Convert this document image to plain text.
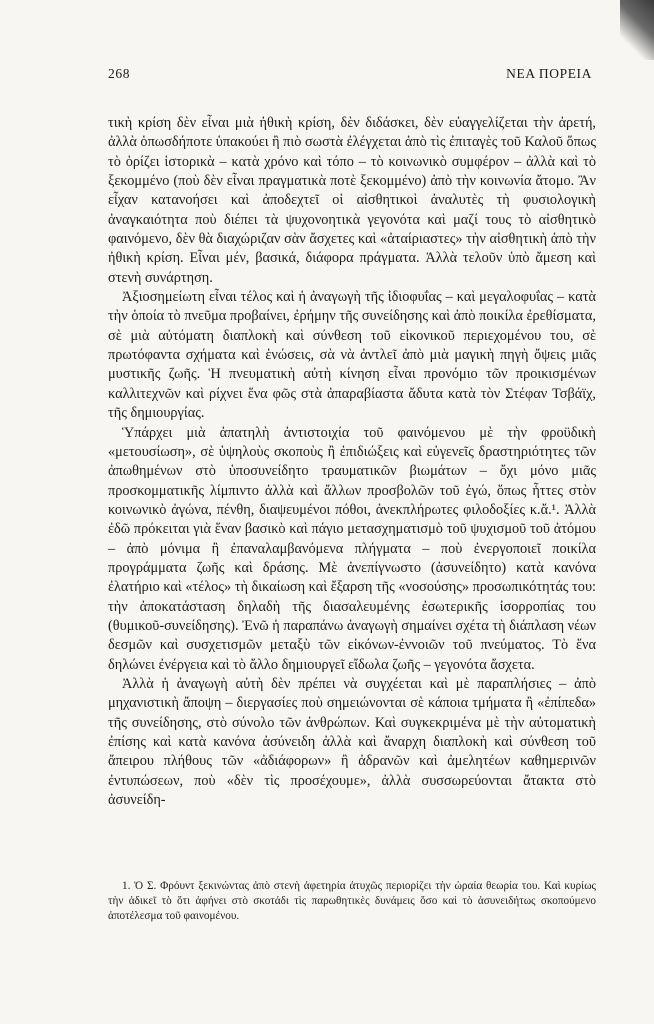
268	ΝΕΑ ΠΟΡΕΙΑ

τικὴ κρίση δὲν εἶναι μιὰ ἠθικὴ κρίση, δὲν διδάσκει, δὲν εὐαγγελίζεται τὴν ἀρετή, ἀλλὰ ὁπωσδήποτε ὑπακούει ἢ πιὸ σωστὰ ἐλέγχεται ἀπὸ τὶς ἐπιταγὲς τοῦ Καλοῦ ὅπως τὸ ὁρίζει ἱστορικὰ – κατὰ χρόνο καὶ τόπο – τὸ κοινωνικὸ συμφέρον – ἀλλὰ καὶ τὸ ξεκομμένο (ποὺ δὲν εἶναι πραγματικὰ ποτὲ ξεκομμένο) ἀπὸ τὴν κοινωνία ἄτομο. Ἂν εἶχαν κατανοήσει καὶ ἀποδεχτεῖ οἱ αἰσθητικοὶ ἀναλυτὲς τὴ φυσιολογικὴ ἀναγκαιότητα ποὺ διέπει τὰ ψυχονοητικὰ γεγονότα καὶ μαζί τους τὸ αἰσθητικὸ φαινόμενο, δὲν θὰ διαχώριζαν σὰν ἄσχετες καὶ «ἀταίριαστες» τὴν αἰσθητικὴ ἀπὸ τὴν ἠθικὴ κρίση. Εἶναι μέν, βασικά, διάφορα πράγματα. Ἀλλὰ τελοῦν ὑπὸ ἄμεση καὶ στενὴ συνάρτηση.

Ἀξιοσημείωτη εἶναι τέλος καὶ ἡ ἀναγωγὴ τῆς ἰδιοφυΐας – καὶ μεγαλοφυΐας – κατὰ τὴν ὁποία τὸ πνεῦμα προβαίνει, ἐρήμην τῆς συνείδησης καὶ ἀπὸ ποικίλα ἐρεθίσματα, σὲ μιὰ αὐτόματη διαπλοκὴ καὶ σύνθεση τοῦ εἰκονικοῦ περιεχομένου του, σὲ πρωτόφαντα σχήματα καὶ ἑνώσεις, σὰ νὰ ἀντλεῖ ἀπὸ μιὰ μαγικὴ πηγὴ ὄψεις μιᾶς μυστικῆς ζωῆς. Ἡ πνευματικὴ αὐτὴ κίνηση εἶναι προνόμιο τῶν προικισμένων καλλιτεχνῶν καὶ ρίχνει ἕνα φῶς στὰ ἀπαραβίαστα ἄδυτα κατὰ τὸν Στέφαν Τσβάϊχ, τῆς δημιουργίας.

Ὑπάρχει μιὰ ἀπατηλὴ ἀντιστοιχία τοῦ φαινόμενου μὲ τὴν φροϋδικὴ «μετουσίωση», σὲ ὑψηλοὺς σκοποὺς ἢ ἐπιδιώξεις καὶ εὐγενεῖς δραστηριότητες τῶν ἀπωθημένων στὸ ὑποσυνείδητο τραυματικῶν βιωμάτων – ὄχι μόνο μιᾶς προσκομματικῆς λίμπιντο ἀλλὰ καὶ ἄλλων προσβολῶν τοῦ ἐγώ, ὅπως ἧττες στὸν κοινωνικὸ ἀγώνα, πένθη, διαψευμένοι πόθοι, ἀνεκπλήρωτες φιλοδοξίες κ.ἄ.¹. Ἀλλὰ ἐδῶ πρόκειται γιὰ ἕναν βασικὸ καὶ πάγιο μετασχηματισμὸ τοῦ ψυχισμοῦ τοῦ ἀτόμου – ἀπὸ μόνιμα ἢ ἐπαναλαμβανόμενα πλήγματα – ποὺ ἐνεργοποιεῖ ποικίλα προγράμματα ζωῆς καὶ δράσης. Μὲ ἀνεπίγνωστο (ἀσυνείδητο) κατὰ κανόνα ἐλατήριο καὶ «τέλος» τὴ δικαίωση καὶ ἔξαρση τῆς «νοσούσης» προσωπικότητάς του: τὴν ἀποκατάσταση δηλαδὴ τῆς διασαλευμένης ἐσωτερικῆς ἰσορροπίας του (θυμικοῦ-συνείδησης). Ἐνῶ ἡ παραπάνω ἀναγωγὴ σημαίνει σχέτα τὴ διάπλαση νέων δεσμῶν καὶ συσχετισμῶν μεταξὺ τῶν εἰκόνων-ἐννοιῶν τοῦ πνεύματος. Τὸ ἕνα δηλώνει ἐνέργεια καὶ τὸ ἄλλο δημιουργεῖ εἴδωλα ζωῆς – γεγονότα ἄσχετα.

Ἀλλὰ ἡ ἀναγωγὴ αὐτὴ δὲν πρέπει νὰ συγχέεται καὶ μὲ παραπλήσιες – ἀπὸ μηχανιστικὴ ἄποψη – διεργασίες ποὺ σημειώνονται σὲ κάποια τμήματα ἢ «ἐπίπεδα» τῆς συνείδησης, στὸ σύνολο τῶν ἀνθρώπων. Καὶ συγκεκριμένα μὲ τὴν αὐτοματικὴ ἐπίσης καὶ κατὰ κανόνα ἀσύνειδη ἀλλὰ καὶ ἄναρχη διαπλοκὴ καὶ σύνθεση τοῦ ἄπειρου πλήθους τῶν «ἀδιάφορων» ἢ ἀδρανῶν καὶ ἀμελητέων καθημερινῶν ἐντυπώσεων, ποὺ «δὲν τὶς προσέχουμε», ἀλλὰ συσσωρεύονται ἄτακτα στὸ ἀσυνείδη-

1. Ὁ Σ. Φρόυντ ξεκινώντας ἀπὸ στενὴ ἀφετηρία ἀτυχῶς περιορίζει τὴν ὡραία θεωρία του. Καὶ κυρίως τὴν ἀδικεῖ τὸ ὅτι ἀφήνει στὸ σκοτάδι τὶς παρωθητικὲς δυνάμεις ὅσο καὶ τὸ ἀσυνειδήτως σκοπούμενο ἀποτέλεσμα τοῦ φαινομένου.
